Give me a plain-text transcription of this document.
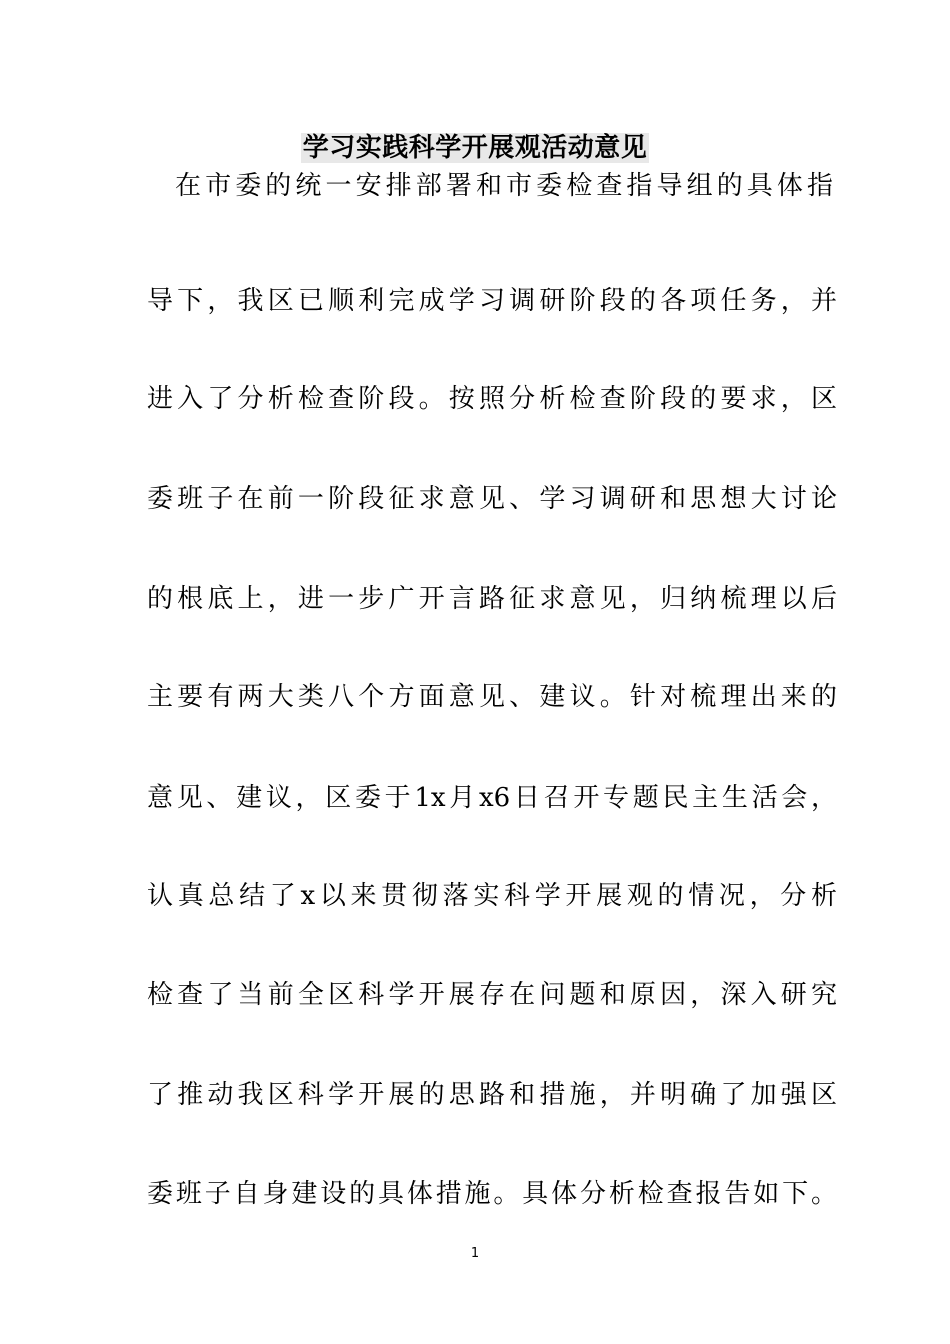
学习实践科学开展观活动意见
在市委的统一安排部署和市委检查指导组的具体指
导下，我区已顺利完成学习调研阶段的各项任务，并
进入了分析检查阶段。按照分析检查阶段的要求，区
委班子在前一阶段征求意见、学习调研和思想大讨论
的根底上，进一步广开言路征求意见，归纳梳理以后
主要有两大类八个方面意见、建议。针对梳理出来的
意见、建议，区委于1x月x6日召开专题民主生活会，
认真总结了x以来贯彻落实科学开展观的情况，分析
检查了当前全区科学开展存在问题和原因，深入研究
了推动我区科学开展的思路和措施，并明确了加强区
委班子自身建设的具体措施。具体分析检查报告如下。
1
